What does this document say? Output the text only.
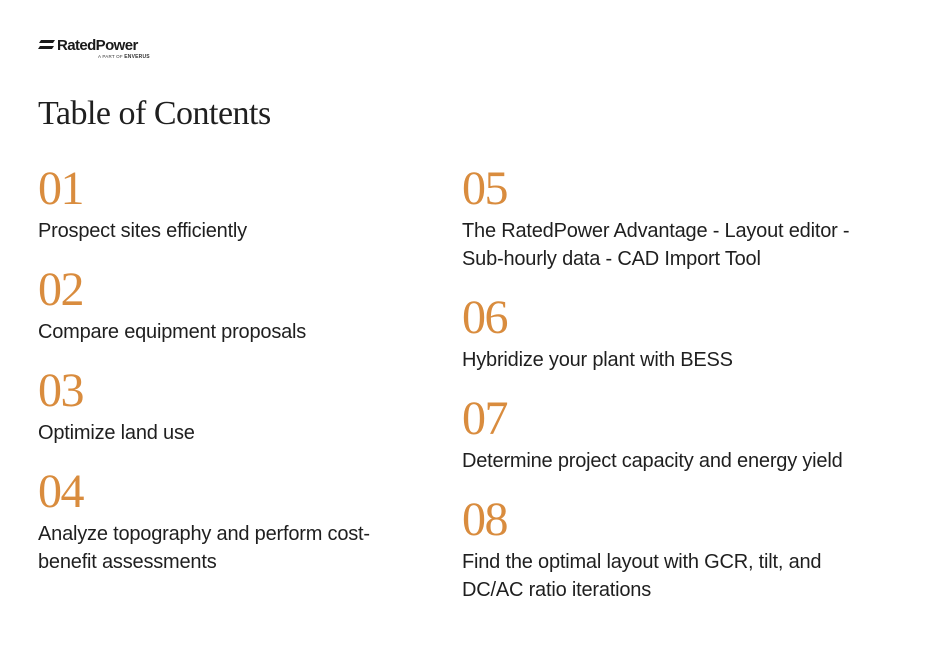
RatedPower
A PART OF ENVERUS
Table of Contents
01
Prospect sites efficiently
02
Compare equipment proposals
03
Optimize land use
04
Analyze topography and perform cost-benefit assessments
05
The RatedPower Advantage - Layout editor - Sub-hourly data - CAD Import Tool
06
Hybridize your plant with BESS
07
Determine project capacity and energy yield
08
Find the optimal layout with GCR, tilt, and DC/AC ratio iterations
